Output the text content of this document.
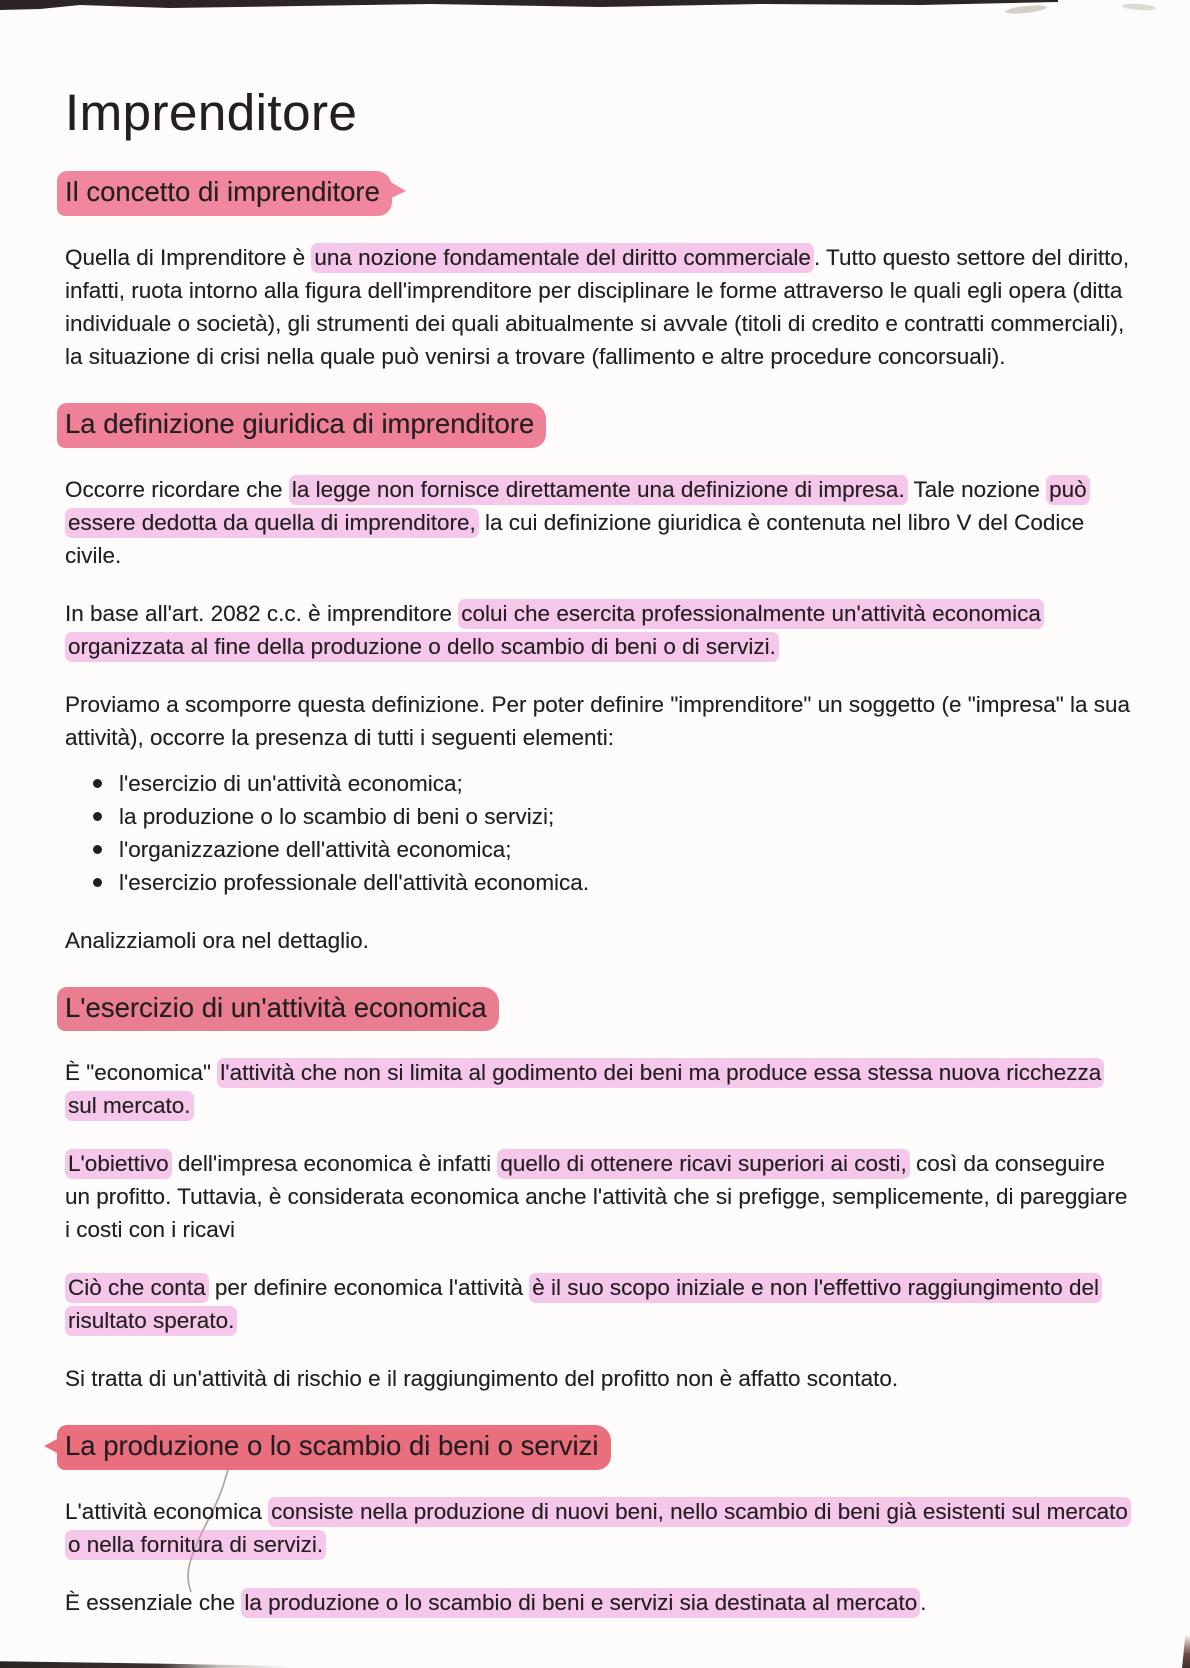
Imprenditore
Il concetto di imprenditore

Quella di Imprenditore è una nozione fondamentale del diritto commerciale . Tutto questo settore del diritto, infatti, ruota intorno alla figura dell'imprenditore per disciplinare le forme attraverso le quali egli opera (ditta individuale o società), gli strumenti dei quali abitualmente si avvale (titoli di credito e contratti commerciali), la situazione di crisi nella quale può venirsi a trovare (fallimento e altre procedure concorsuali).

La definizione giuridica di imprenditore

Occorre ricordare che la legge non fornisce direttamente una definizione di impresa. Tale nozione può essere dedotta da quella di imprenditore, la cui definizione giuridica è contenuta nel libro V del Codice civile.

In base all'art. 2082 c.c. è imprenditore colui che esercita professionalmente un'attività economica organizzata al fine della produzione o dello scambio di beni o di servizi.

Proviamo a scomporre questa definizione. Per poter definire "imprenditore" un soggetto (e "impresa" la sua attività), occorre la presenza di tutti i seguenti elementi:

l'esercizio di un'attività economica;
la produzione o lo scambio di beni o servizi;
l'organizzazione dell'attività economica;
l'esercizio professionale dell'attività economica.

Analizziamoli ora nel dettaglio.

L'esercizio di un'attività economica

È "economica" l'attività che non si limita al godimento dei beni ma produce essa stessa nuova ricchezza sul mercato.

L'obiettivo dell'impresa economica è infatti quello di ottenere ricavi superiori ai costi, così da conseguire un profitto. Tuttavia, è considerata economica anche l'attività che si prefigge, semplicemente, di pareggiare i costi con i ricavi

Ciò che conta per definire economica l'attività è il suo scopo iniziale e non l'effettivo raggiungimento del risultato sperato.

Si tratta di un'attività di rischio e il raggiungimento del profitto non è affatto scontato.

La produzione o lo scambio di beni o servizi

L'attività economica consiste nella produzione di nuovi beni, nello scambio di beni già esistenti sul mercato o nella fornitura di servizi.

È essenziale che la produzione o lo scambio di beni e servizi sia destinata al mercato .
